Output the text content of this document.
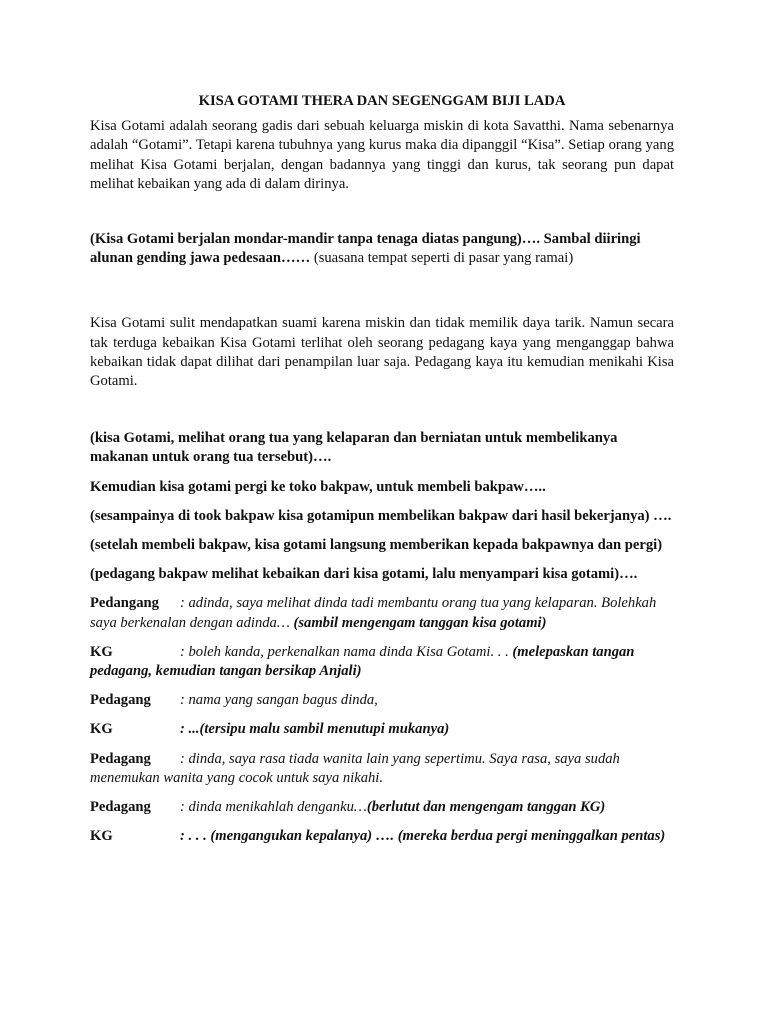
KISA GOTAMI THERA DAN SEGENGGAM BIJI LADA

Kisa Gotami adalah seorang gadis dari sebuah keluarga miskin di kota Savatthi. Nama sebenarnya adalah “Gotami”. Tetapi karena tubuhnya yang kurus maka dia dipanggil “Kisa”. Setiap orang yang melihat Kisa Gotami berjalan, dengan badannya yang tinggi dan kurus, tak seorang pun dapat melihat kebaikan yang ada di dalam dirinya.

(Kisa Gotami berjalan mondar-mandir tanpa tenaga diatas pangung)…. Sambal diiringi alunan gending jawa pedesaan…… (suasana tempat seperti di pasar yang ramai)

Kisa Gotami sulit mendapatkan suami karena miskin dan tidak memilik daya tarik. Namun secara tak terduga kebaikan Kisa Gotami terlihat oleh seorang pedagang kaya yang menganggap bahwa kebaikan tidak dapat dilihat dari penampilan luar saja. Pedagang kaya itu kemudian menikahi Kisa Gotami.

(kisa Gotami, melihat orang tua yang kelaparan dan berniatan untuk membelikanya makanan untuk orang tua tersebut)….

Kemudian kisa gotami pergi ke toko bakpaw, untuk membeli bakpaw…..

(sesampainya di took bakpaw kisa gotamipun membelikan bakpaw dari hasil bekerjanya) ….

(setelah membeli bakpaw, kisa gotami langsung memberikan kepada bakpawnya dan pergi)

(pedagang bakpaw melihat kebaikan dari kisa gotami, lalu menyampari kisa gotami)….

Pedangang : adinda, saya melihat dinda tadi membantu orang tua yang kelaparan. Bolehkah saya berkenalan dengan adinda… (sambil mengengam tanggan kisa gotami)

KG	: boleh kanda, perkenalkan nama dinda Kisa Gotami. . . (melepaskan tangan pedagang, kemudian tangan bersikap Anjali)

Pedagang : nama yang sangan bagus dinda,

KG	: ...(tersipu malu sambil menutupi mukanya)

Pedagang : dinda, saya rasa tiada wanita lain yang sepertimu. Saya rasa, saya sudah menemukan wanita yang cocok untuk saya nikahi.

Pedagang : dinda menikahlah denganku…(berlutut dan mengengam tanggan KG)

KG	: . . . (mengangukan kepalanya) …. (mereka berdua pergi meninggalkan pentas)
